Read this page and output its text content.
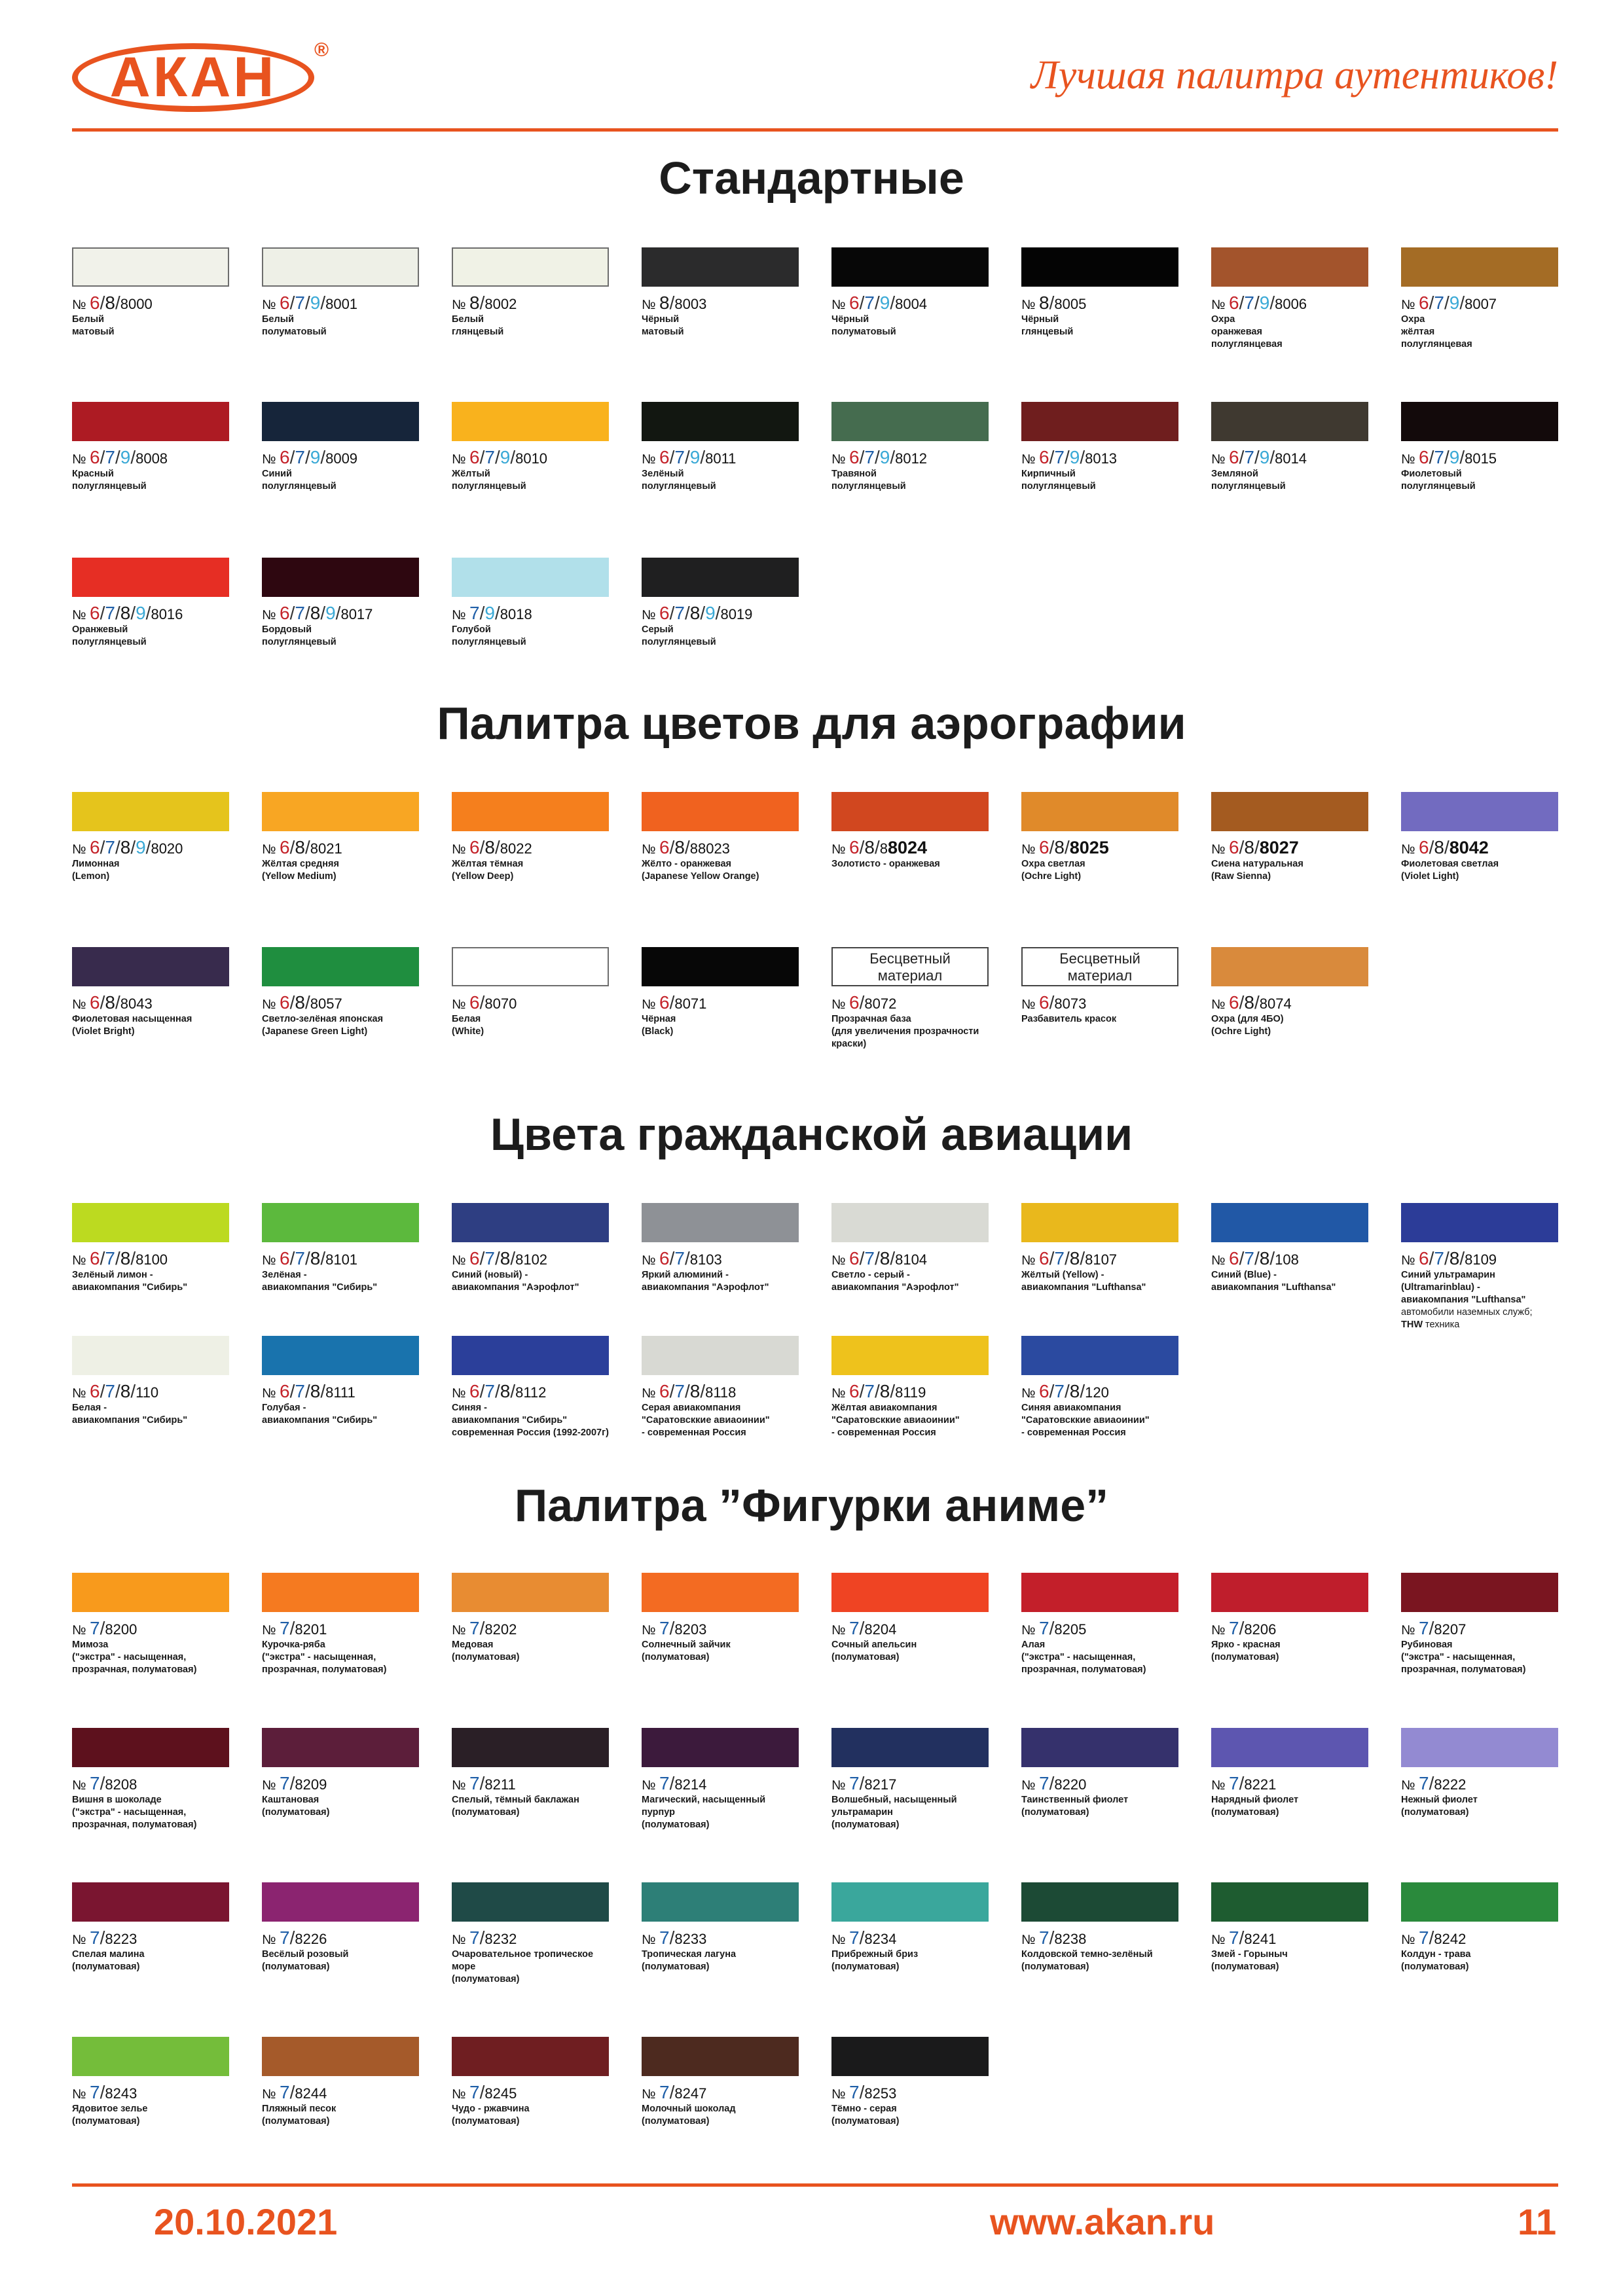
АКАН	®
Лучшая палитра аутентиков!
Стандартные
№ 6/8/8000
Белый
матовый
№ 6/7/9/8001
Белый
полуматовый
№ 8/8002
Белый
глянцевый
№ 8/8003
Чёрный
матовый
№ 6/7/9/8004
Чёрный
полуматовый
№ 8/8005
Чёрный
глянцевый
№ 6/7/9/8006
Охра
оранжевая
полуглянцевая
№ 6/7/9/8007
Охра
жёлтая
полуглянцевая
№ 6/7/9/8008
Красный
полуглянцевый
№ 6/7/9/8009
Синий
полуглянцевый
№ 6/7/9/8010
Жёлтый
полуглянцевый
№ 6/7/9/8011
Зелёный
полуглянцевый
№ 6/7/9/8012
Травяной
полуглянцевый
№ 6/7/9/8013
Кирпичный
полуглянцевый
№ 6/7/9/8014
Земляной
полуглянцевый
№ 6/7/9/8015
Фиолетовый
полуглянцевый
№ 6/7/8/9/8016
Оранжевый
полуглянцевый
№ 6/7/8/9/8017
Бордовый
полуглянцевый
№ 7/9/8018
Голубой
полуглянцевый
№ 6/7/8/9/8019
Серый
полуглянцевый
Палитра цветов для аэрографии
№ 6/7/8/9/8020
Лимонная
(Lemon)
№ 6/8/8021
Жёлтая средняя
(Yellow Medium)
№ 6/8/8022
Жёлтая тёмная
(Yellow Deep)
№ 6/8/88023
Жёлто - оранжевая
(Japanese Yellow Orange)
№ 6/8/88024
Золотисто - оранжевая
№ 6/8/8025
Охра светлая
(Ochre Light)
№ 6/8/8027
Сиена натуральная
(Raw Sienna)
№ 6/8/8042
Фиолетовая светлая
(Violet Light)
№ 6/8/8043
Фиолетовая насыщенная
(Violet Bright)
№ 6/8/8057
Светло-зелёная японская
(Japanese Green Light)
№ 6/8070
Белая
(White)
№ 6/8071
Чёрная
(Black)
Бесцветный
материал
№ 6/8072
Прозрачная база
(для увеличения прозрачности
краски)
Бесцветный
материал
№ 6/8073
Разбавитель красок
№ 6/8/8074
Охра (для 4БО)
(Ochre Light)
Цвета гражданской авиации
№ 6/7/8/8100
Зелёный лимон -
авиакомпания "Сибирь"
№ 6/7/8/8101
Зелёная -
авиакомпания "Сибирь"
№ 6/7/8/8102
Синий (новый) -
авиакомпания "Аэрофлот"
№ 6/7/8103
Яркий алюминий -
авиакомпания "Аэрофлот"
№ 6/7/8/8104
Светло - серый -
авиакомпания "Аэрофлот"
№ 6/7/8/8107
Жёлтый (Yellow) -
авиакомпания "Lufthansa"
№ 6/7/8/108
Синий (Blue) -
авиакомпания "Lufthansa"
№ 6/7/8/8109
Синий ультрамарин
(Ultramarinblau) -
авиакомпания "Lufthansa"
автомобили наземных служб;
THW техника
№ 6/7/8/110
Белая -
авиакомпания "Сибирь"
№ 6/7/8/8111
Голубая -
авиакомпания "Сибирь"
№ 6/7/8/8112
Синяя -
авиакомпания "Сибирь"
современная Россия (1992-2007г)
№ 6/7/8/8118
Серая авиакомпания
"Саратовсккие авиаоинии"
- современная Россия
№ 6/7/8/8119
Жёлтая авиакомпания
"Саратовсккие авиаоинии"
- современная Россия
№ 6/7/8/120
Синяя авиакомпания
"Саратовсккие авиаоинии"
- современная Россия
Палитра ”Фигурки аниме”
№ 7/8200
Мимоза
("экстра" - насыщенная,
прозрачная, полуматовая)
№ 7/8201
Курочка-ряба
("экстра" - насыщенная,
прозрачная, полуматовая)
№ 7/8202
Медовая
(полуматовая)
№ 7/8203
Солнечный зайчик
(полуматовая)
№ 7/8204
Сочный апельсин
(полуматовая)
№ 7/8205
Алая
("экстра" - насыщенная,
прозрачная, полуматовая)
№ 7/8206
Ярко - красная
(полуматовая)
№ 7/8207
Рубиновая
("экстра" - насыщенная,
прозрачная, полуматовая)
№ 7/8208
Вишня в шоколаде
("экстра" - насыщенная,
прозрачная, полуматовая)
№ 7/8209
Каштановая
(полуматовая)
№ 7/8211
Спелый, тёмный баклажан
(полуматовая)
№ 7/8214
Магический, насыщенный
пурпур
(полуматовая)
№ 7/8217
Волшебный, насыщенный
ультрамарин
(полуматовая)
№ 7/8220
Таинственный фиолет
(полуматовая)
№ 7/8221
Нарядный фиолет
(полуматовая)
№ 7/8222
Нежный фиолет
(полуматовая)
№ 7/8223
Спелая малина
(полуматовая)
№ 7/8226
Весёлый розовый
(полуматовая)
№ 7/8232
Очаровательное тропическое
море
(полуматовая)
№ 7/8233
Тропическая лагуна
(полуматовая)
№ 7/8234
Прибрежный бриз
(полуматовая)
№ 7/8238
Колдовской темно-зелёный
(полуматовая)
№ 7/8241
Змей - Горыныч
(полуматовая)
№ 7/8242
Колдун - трава
(полуматовая)
№ 7/8243
Ядовитое зелье
(полуматовая)
№ 7/8244
Пляжный песок
(полуматовая)
№ 7/8245
Чудо - ржавчина
(полуматовая)
№ 7/8247
Молочный шоколад
(полуматовая)
№ 7/8253
Тёмно - серая
(полуматовая)
20.10.2021	www.akan.ru	11
